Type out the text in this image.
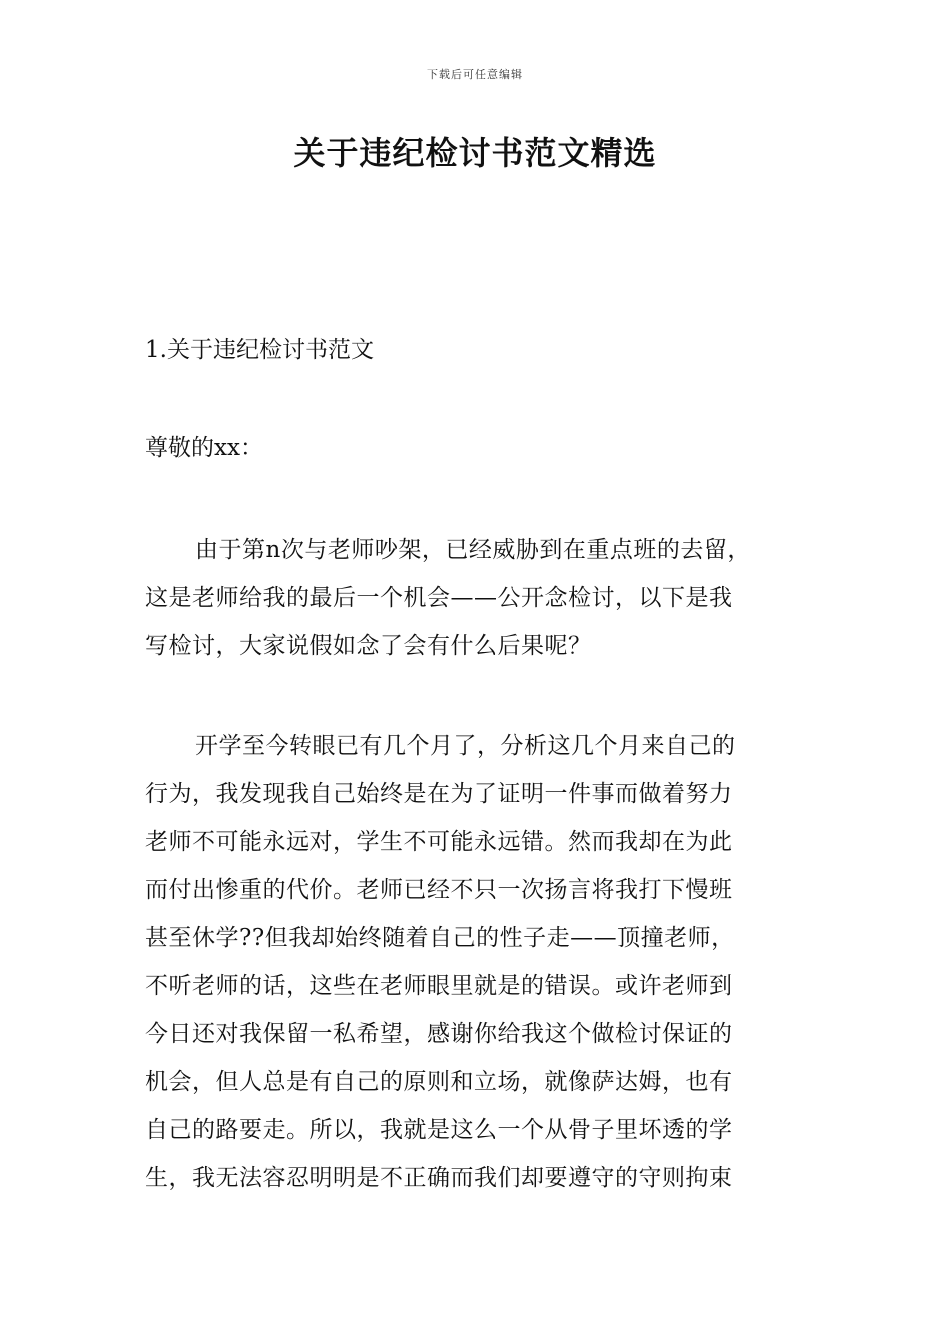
下载后可任意编辑
关于违纪检讨书范文精选
1.关于违纪检讨书范文
尊敬的xx：
由于第n次与老师吵架，已经威胁到在重点班的去留，
这是老师给我的最后一个机会——公开念检讨，以下是我
写检讨，大家说假如念了会有什么后果呢？
开学至今转眼已有几个月了，分析这几个月来自己的
行为，我发现我自己始终是在为了证明一件事而做着努力
老师不可能永远对，学生不可能永远错。然而我却在为此
而付出惨重的代价。老师已经不只一次扬言将我打下慢班
甚至休学??但我却始终随着自己的性子走——顶撞老师，
不听老师的话，这些在老师眼里就是的错误。或许老师到
今日还对我保留一私希望，感谢你给我这个做检讨保证的
机会，但人总是有自己的原则和立场，就像萨达姆，也有
自己的路要走。所以，我就是这么一个从骨子里坏透的学
生，我无法容忍明明是不正确而我们却要遵守的守则拘束
